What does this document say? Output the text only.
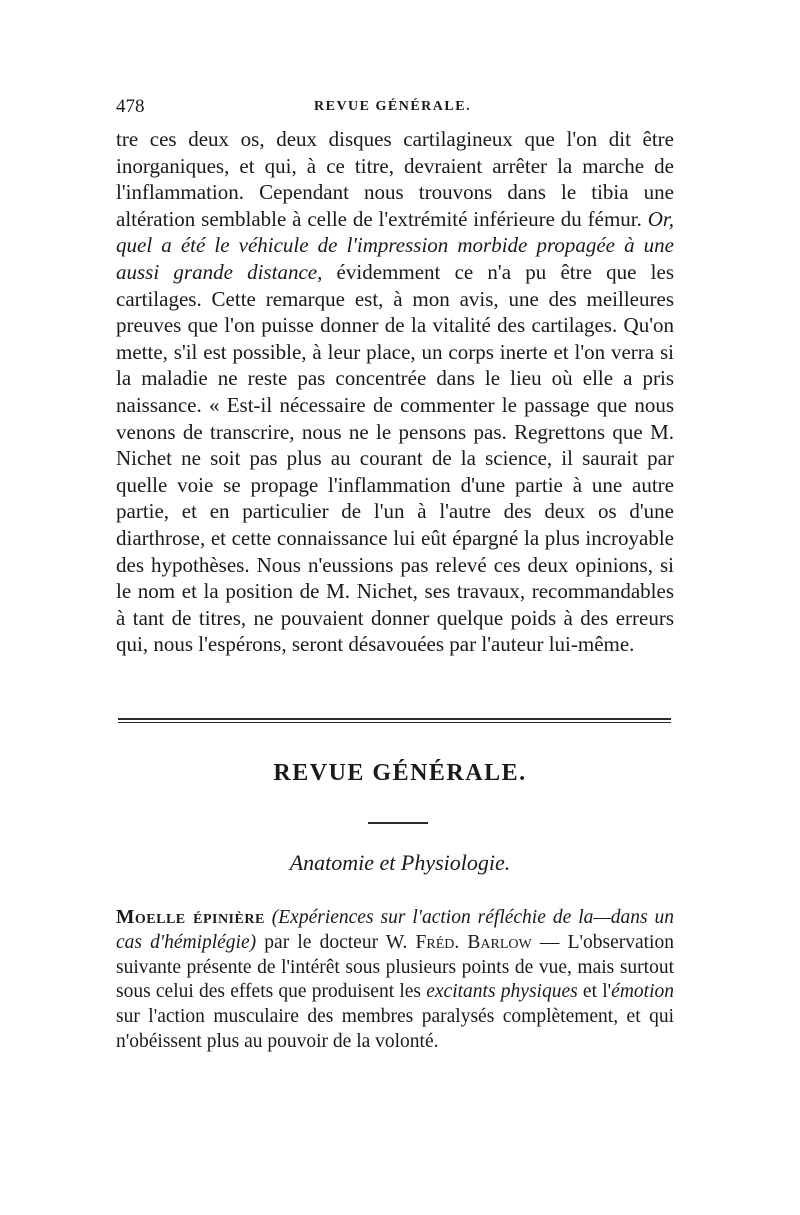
478	REVUE GÉNÉRALE.

tre ces deux os, deux disques cartilagineux que l'on dit être inorganiques, et qui, à ce titre, devraient arrêter la marche de l'inflammation. Cependant nous trouvons dans le tibia une altération semblable à celle de l'extrémité inférieure du fémur. Or, quel a été le véhicule de l'impression morbide propagée à une aussi grande distance, évidemment ce n'a pu être que les cartilages. Cette remarque est, à mon avis, une des meilleures preuves que l'on puisse donner de la vitalité des cartilages. Qu'on mette, s'il est possible, à leur place, un corps inerte et l'on verra si la maladie ne reste pas concentrée dans le lieu où elle a pris naissance. « Est-il nécessaire de commenter le passage que nous venons de transcrire, nous ne le pensons pas. Regrettons que M. Nichet ne soit pas plus au courant de la science, il saurait par quelle voie se propage l'inflammation d'une partie à une autre partie, et en particulier de l'un à l'autre des deux os d'une diarthrose, et cette connaissance lui eût épargné la plus incroyable des hypothèses. Nous n'eussions pas relevé ces deux opinions, si le nom et la position de M. Nichet, ses travaux, recommandables à tant de titres, ne pouvaient donner quelque poids à des erreurs qui, nous l'espérons, seront désavouées par l'auteur lui-même.

REVUE GÉNÉRALE.
Anatomie et Physiologie.

Moelle épinière (Expériences sur l'action réfléchie de la—dans un cas d'hémiplégie) par le docteur W. Fréd. Barlow — L'observation suivante présente de l'intérêt sous plusieurs points de vue, mais surtout sous celui des effets que produisent les excitants physiques et l'émotion sur l'action musculaire des membres paralysés complètement, et qui n'obéissent plus au pouvoir de la volonté.
